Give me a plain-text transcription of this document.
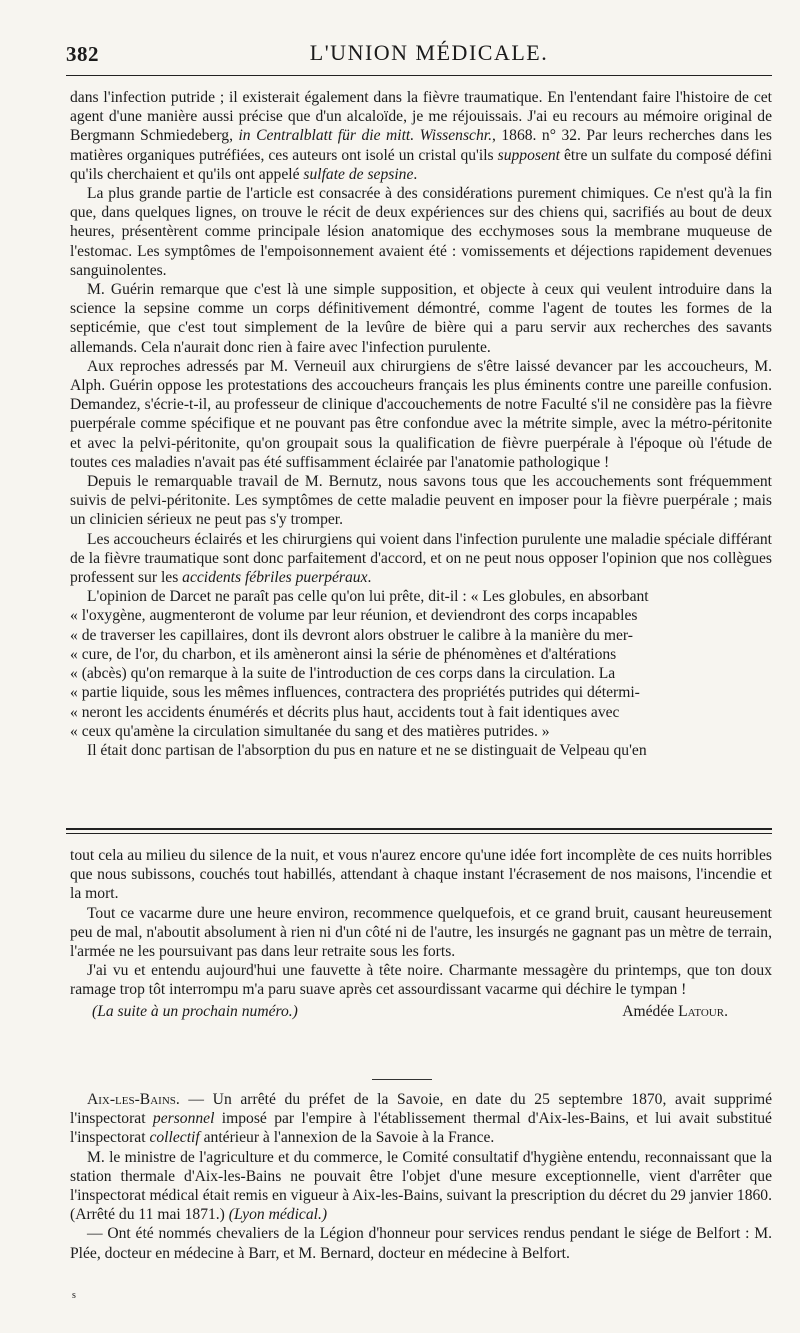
382	L'UNION MÉDICALE.

dans l'infection putride ; il existerait également dans la fièvre traumatique. En l'entendant faire l'histoire de cet agent d'une manière aussi précise que d'un alcaloïde, je me réjouissais. J'ai eu recours au mémoire original de Bergmann Schmiedeberg, in Centralblatt für die mitt. Wissenschr., 1868. n° 32. Par leurs recherches dans les matières organiques putréfiées, ces auteurs ont isolé un cristal qu'ils supposent être un sulfate du composé défini qu'ils cherchaient et qu'ils ont appelé sulfate de sepsine.

La plus grande partie de l'article est consacrée à des considérations purement chimiques. Ce n'est qu'à la fin que, dans quelques lignes, on trouve le récit de deux expériences sur des chiens qui, sacrifiés au bout de deux heures, présentèrent comme principale lésion anatomique des ecchymoses sous la membrane muqueuse de l'estomac. Les symptômes de l'empoisonnement avaient été : vomissements et déjections rapidement devenues sanguinolentes.

M. Guérin remarque que c'est là une simple supposition, et objecte à ceux qui veulent introduire dans la science la sepsine comme un corps définitivement démontré, comme l'agent de toutes les formes de la septicémie, que c'est tout simplement de la levûre de bière qui a paru servir aux recherches des savants allemands. Cela n'aurait donc rien à faire avec l'infection purulente.

Aux reproches adressés par M. Verneuil aux chirurgiens de s'être laissé devancer par les accoucheurs, M. Alph. Guérin oppose les protestations des accoucheurs français les plus éminents contre une pareille confusion. Demandez, s'écrie-t-il, au professeur de clinique d'accouchements de notre Faculté s'il ne considère pas la fièvre puerpérale comme spécifique et ne pouvant pas être confondue avec la métrite simple, avec la métro-péritonite et avec la pelvi-péritonite, qu'on groupait sous la qualification de fièvre puerpérale à l'époque où l'étude de toutes ces maladies n'avait pas été suffisamment éclairée par l'anatomie pathologique !

Depuis le remarquable travail de M. Bernutz, nous savons tous que les accouchements sont fréquemment suivis de pelvi-péritonite. Les symptômes de cette maladie peuvent en imposer pour la fièvre puerpérale ; mais un clinicien sérieux ne peut pas s'y tromper.

Les accoucheurs éclairés et les chirurgiens qui voient dans l'infection purulente une maladie spéciale différant de la fièvre traumatique sont donc parfaitement d'accord, et on ne peut nous opposer l'opinion que nos collègues professent sur les accidents fébriles puerpéraux.

L'opinion de Darcet ne paraît pas celle qu'on lui prête, dit-il : « Les globules, en absorbant

« l'oxygène, augmenteront de volume par leur réunion, et deviendront des corps incapables

« de traverser les capillaires, dont ils devront alors obstruer le calibre à la manière du mer-

« cure, de l'or, du charbon, et ils amèneront ainsi la série de phénomènes et d'altérations

« (abcès) qu'on remarque à la suite de l'introduction de ces corps dans la circulation. La

« partie liquide, sous les mêmes influences, contractera des propriétés putrides qui détermi-

« neront les accidents énumérés et décrits plus haut, accidents tout à fait identiques avec

« ceux qu'amène la circulation simultanée du sang et des matières putrides. »

Il était donc partisan de l'absorption du pus en nature et ne se distinguait de Velpeau qu'en

tout cela au milieu du silence de la nuit, et vous n'aurez encore qu'une idée fort incomplète de ces nuits horribles que nous subissons, couchés tout habillés, attendant à chaque instant l'écrasement de nos maisons, l'incendie et la mort.

Tout ce vacarme dure une heure environ, recommence quelquefois, et ce grand bruit, causant heureusement peu de mal, n'aboutit absolument à rien ni d'un côté ni de l'autre, les insurgés ne gagnant pas un mètre de terrain, l'armée ne les poursuivant pas dans leur retraite sous les forts.

J'ai vu et entendu aujourd'hui une fauvette à tête noire. Charmante messagère du printemps, que ton doux ramage trop tôt interrompu m'a paru suave après cet assourdissant vacarme qui déchire le tympan !

(La suite à un prochain numéro.)	Amédée Latour.

Aix-les-Bains. — Un arrêté du préfet de la Savoie, en date du 25 septembre 1870, avait supprimé l'inspectorat personnel imposé par l'empire à l'établissement thermal d'Aix-les-Bains, et lui avait substitué l'inspectorat collectif antérieur à l'annexion de la Savoie à la France.

M. le ministre de l'agriculture et du commerce, le Comité consultatif d'hygiène entendu, reconnaissant que la station thermale d'Aix-les-Bains ne pouvait être l'objet d'une mesure exceptionnelle, vient d'arrêter que l'inspectorat médical était remis en vigueur à Aix-les-Bains, suivant la prescription du décret du 29 janvier 1860. (Arrêté du 11 mai 1871.) (Lyon médical.)

— Ont été nommés chevaliers de la Légion d'honneur pour services rendus pendant le siége de Belfort : M. Plée, docteur en médecine à Barr, et M. Bernard, docteur en médecine à Belfort.

s
